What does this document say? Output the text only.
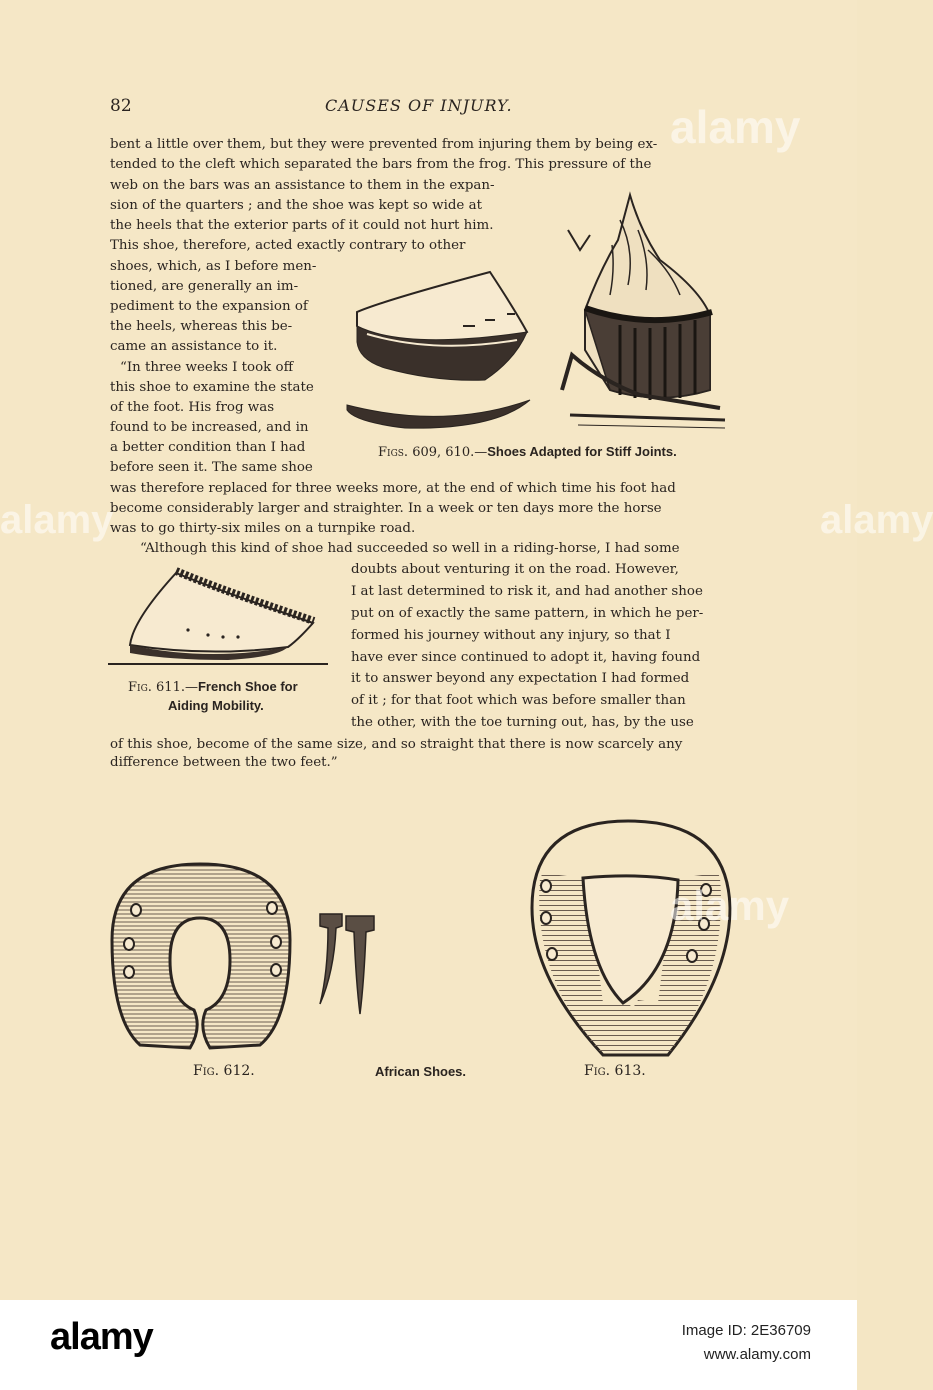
82	CAUSES OF INJURY.
bent a little over them, but they were prevented from injuring them by being ex-
tended to the cleft which separated the bars from the frog. This pressure of the
web on the bars was an assistance to them in the expan-
sion of the quarters ; and the shoe was kept so wide at
the heels that the exterior parts of it could not hurt him.
This shoe, therefore, acted exactly contrary to other
shoes, which, as I before men-
tioned, are generally an im-
pediment to the expansion of
the heels, whereas this be-
came an assistance to it.
“In three weeks I took off
this shoe to examine the state
of the foot. His frog was
found to be increased, and in
a better condition than I had
before seen it. The same shoe
was therefore replaced for three weeks more, at the end of which time his foot had
become considerably larger and straighter. In a week or ten days more the horse
was to go thirty-six miles on a turnpike road.
“Although this kind of shoe had succeeded so well in a riding-horse, I had some
doubts about venturing it on the road. However,
I at last determined to risk it, and had another shoe
put on of exactly the same pattern, in which he per-
formed his journey without any injury, so that I
have ever since continued to adopt it, having found
it to answer beyond any expectation I had formed
of it ; for that foot which was before smaller than
the other, with the toe turning out, has, by the use
of this shoe, become of the same size, and so straight that there is now scarcely any
difference between the two feet.”
Figs. 609, 610.—Shoes Adapted for Stiff Joints.
Fig. 611.—French Shoe for
Aiding Mobility.
Fig. 612.	African Shoes.	Fig. 613.
alamy
alamy
alamy	alamy
alamy	Image ID: 2E36709
www.alamy.com
